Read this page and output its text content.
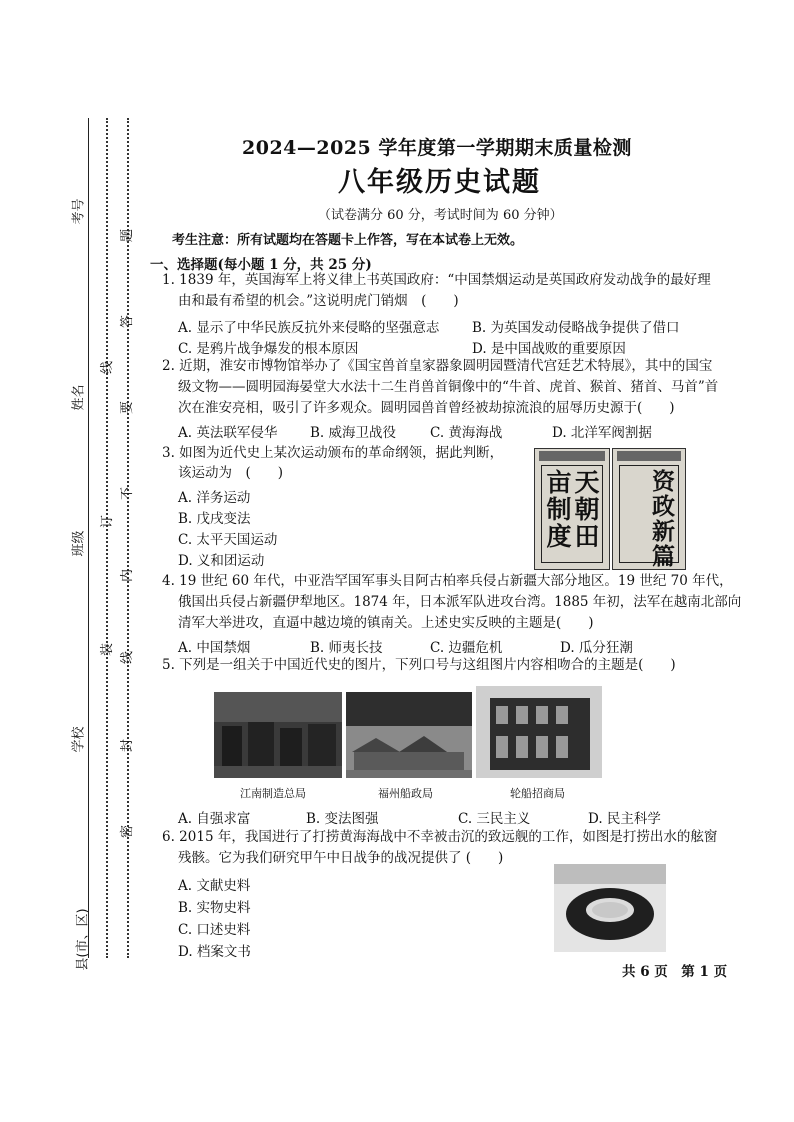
考号
姓名
班级
学校
县(市、区)
题
答
要
不
内
线
订
装
线
封
密
2024—2025 学年度第一学期期末质量检测
八年级历史试题
（试卷满分 60 分，考试时间为 60 分钟）
考生注意：所有试题均在答题卡上作答，写在本试卷上无效。
一、选择题(每小题 1 分，共 25 分)
1. 1839 年，英国海军上将义律上书英国政府：“中国禁烟运动是英国政府发动战争的最好理
由和最有希望的机会。”这说明虎门销烟　(　　)
A. 显示了中华民族反抗外来侵略的坚强意志 B. 为英国发动侵略战争提供了借口
C. 是鸦片战争爆发的根本原因	D. 是中国战败的重要原因
2. 近期，淮安市博物馆举办了《国宝兽首皇家器象圆明园暨清代宫廷艺术特展》，其中的国宝
级文物——圆明园海晏堂大水法十二生肖兽首铜像中的“牛首、虎首、猴首、猪首、马首”首
次在淮安亮相，吸引了许多观众。圆明园兽首曾经被劫掠流浪的屈辱历史源于(　　)
A. 英法联军侵华 B. 威海卫战役	C. 黄海海战	D. 北洋军阀割据
3. 如图为近代史上某次运动颁布的革命纲领，据此判断，
该运动为　(　　)
A. 洋务运动
B. 戊戌变法
C. 太平天国运动
D. 义和团运动
天朝田亩制度	资政新篇
4. 19 世纪 60 年代，中亚浩罕国军事头目阿古柏率兵侵占新疆大部分地区。19 世纪 70 年代，
俄国出兵侵占新疆伊犁地区。1874 年，日本派军队进攻台湾。1885 年初，法军在越南北部向
清军大举进攻，直逼中越边境的镇南关。上述史实反映的主题是(　　)
A. 中国禁烟	B. 师夷长技	C. 边疆危机	D. 瓜分狂潮
5. 下列是一组关于中国近代史的图片，下列口号与这组图片内容相吻合的主题是(　　)
江南制造总局	福州船政局	轮船招商局
A. 自强求富	B. 变法图强	C. 三民主义	D. 民主科学
6. 2015 年，我国进行了打捞黄海海战中不幸被击沉的致远舰的工作，如图是打捞出水的舷窗
残骸。它为我们研究甲午中日战争的战况提供了 (　　)
A. 文献史料
B. 实物史料
C. 口述史料
D. 档案文书
共 6 页　第 1 页
